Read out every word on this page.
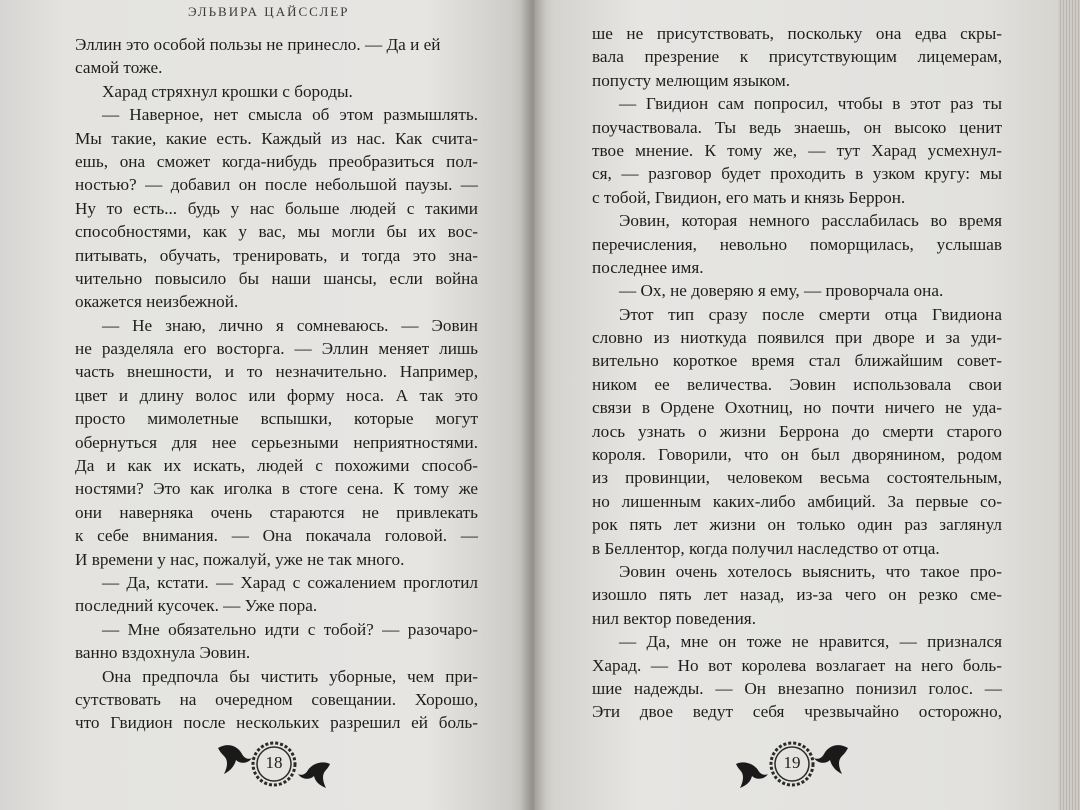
ЭЛЬВИРА ЦАЙССЛЕР
Эллин это особой пользы не принесло. — Да и ей
самой тоже.
Харад стряхнул крошки с бороды.
— Наверное, нет смысла об этом размышлять.
Мы такие, какие есть. Каждый из нас. Как счита-
ешь, она сможет когда-нибудь преобразиться пол-
ностью? — добавил он после небольшой паузы. —
Ну то есть... будь у нас больше людей с такими
способностями, как у вас, мы могли бы их вос-
питывать, обучать, тренировать, и тогда это зна-
чительно повысило бы наши шансы, если война
окажется неизбежной.
— Не знаю, лично я сомневаюсь. — Эовин
не разделяла его восторга. — Эллин меняет лишь
часть внешности, и то незначительно. Например,
цвет и длину волос или форму носа. А так это
просто мимолетные вспышки, которые могут
обернуться для нее серьезными неприятностями.
Да и как их искать, людей с похожими способ-
ностями? Это как иголка в стоге сена. К тому же
они наверняка очень стараются не привлекать
к себе внимания. — Она покачала головой. —
И времени у нас, пожалуй, уже не так много.
— Да, кстати. — Харад с сожалением проглотил
последний кусочек. — Уже пора.
— Мне обязательно идти с тобой? — разочаро-
ванно вздохнула Эовин.
Она предпочла бы чистить уборные, чем при-
сутствовать на очередном совещании. Хорошо,
что Гвидион после нескольких разрешил ей боль-
18
ше не присутствовать, поскольку она едва скры-
вала презрение к присутствующим лицемерам,
попусту мелющим языком.
— Гвидион сам попросил, чтобы в этот раз ты
поучаствовала. Ты ведь знаешь, он высоко ценит
твое мнение. К тому же, — тут Харад усмехнул-
ся, — разговор будет проходить в узком кругу: мы
с тобой, Гвидион, его мать и князь Беррон.
Эовин, которая немного расслабилась во время
перечисления, невольно поморщилась, услышав
последнее имя.
— Ох, не доверяю я ему, — проворчала она.
Этот тип сразу после смерти отца Гвидиона
словно из ниоткуда появился при дворе и за уди-
вительно короткое время стал ближайшим совет-
ником ее величества. Эовин использовала свои
связи в Ордене Охотниц, но почти ничего не уда-
лось узнать о жизни Беррона до смерти старого
короля. Говорили, что он был дворянином, родом
из провинции, человеком весьма состоятельным,
но лишенным каких-либо амбиций. За первые со-
рок пять лет жизни он только один раз заглянул
в Беллентор, когда получил наследство от отца.
Эовин очень хотелось выяснить, что такое про-
изошло пять лет назад, из-за чего он резко сме-
нил вектор поведения.
— Да, мне он тоже не нравится, — признался
Харад. — Но вот королева возлагает на него боль-
шие надежды. — Он внезапно понизил голос. —
Эти двое ведут себя чрезвычайно осторожно,
19
